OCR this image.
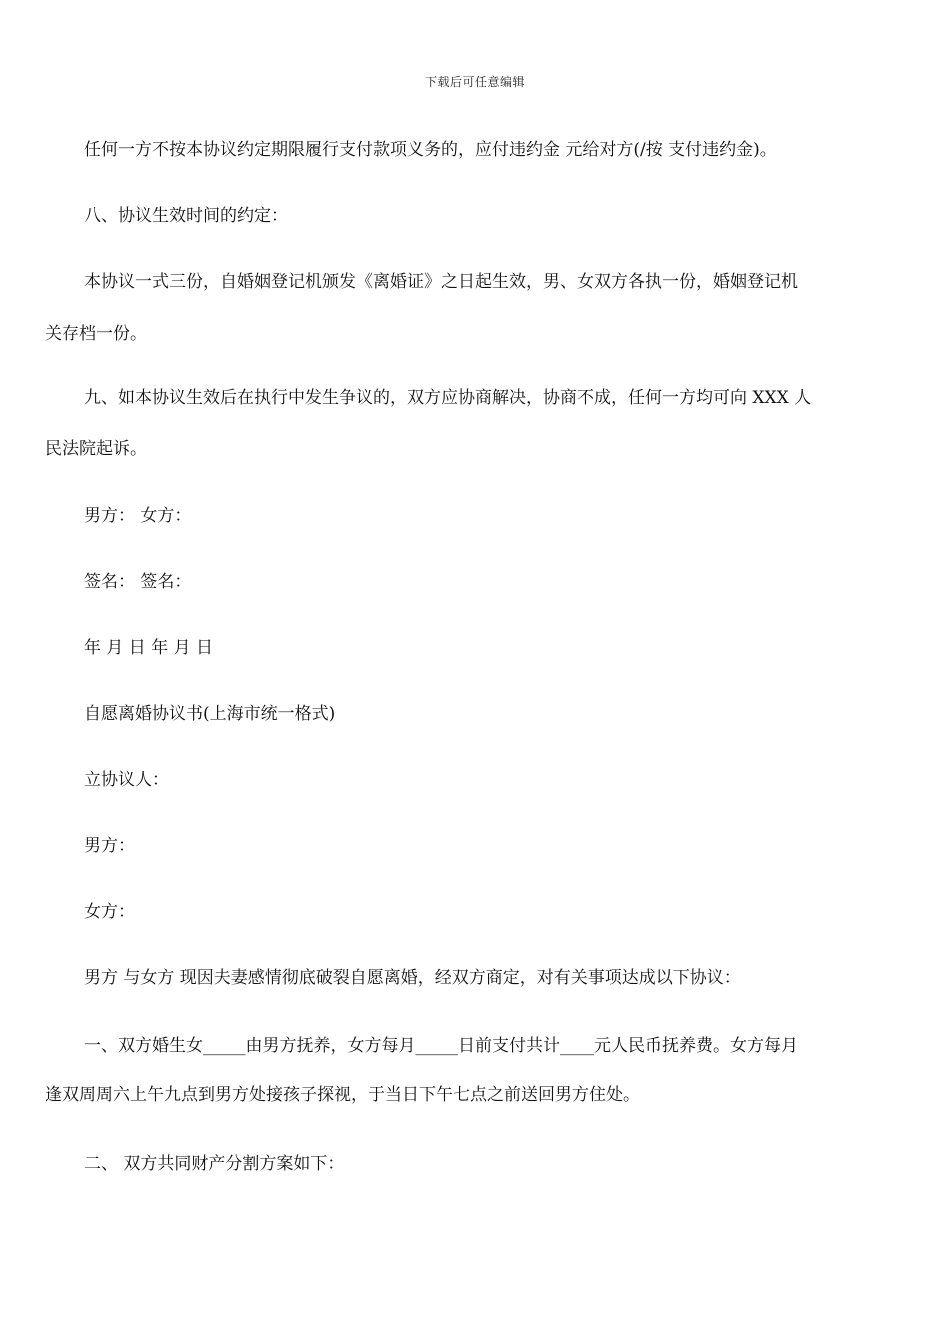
下载后可任意编辑
任何一方不按本协议约定期限履行支付款项义务的，应付违约金 元给对方(/按 支付违约金)。
八、协议生效时间的约定：
本协议一式三份，自婚姻登记机颁发《离婚证》之日起生效，男、女双方各执一份，婚姻登记机
关存档一份。
九、如本协议生效后在执行中发生争议的，双方应协商解决，协商不成，任何一方均可向 XXX 人
民法院起诉。
男方： 女方：
签名： 签名：
年 月 日 年 月 日
自愿离婚协议书(上海市统一格式)
立协议人：
男方：
女方：
男方 与女方 现因夫妻感情彻底破裂自愿离婚，经双方商定，对有关事项达成以下协议：
一、双方婚生女_____由男方抚养，女方每月_____日前支付共计____元人民币抚养费。女方每月
逢双周周六上午九点到男方处接孩子探视，于当日下午七点之前送回男方住处。
二、 双方共同财产分割方案如下：
